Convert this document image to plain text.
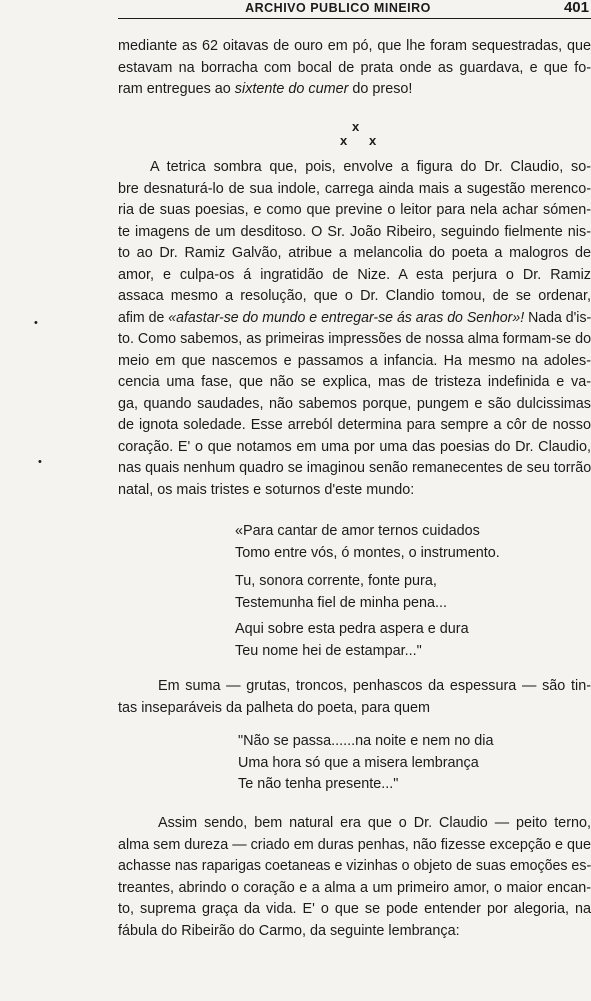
ARCHIVO PUBLICO MINEIRO	401
mediante as 62 oitavas de ouro em pó, que lhe foram sequestradas, que
estavam na borracha com bocal de prata onde as guardava, e que fo-
ram entregues ao sixtente do cumer do preso!
x
x x
•
•
A tetrica sombra que, pois, envolve a figura do Dr. Claudio, so-
bre desnaturá-lo de sua indole, carrega ainda mais a sugestão merenco-
ria de suas poesias, e como que previne o leitor para nela achar sómen-
te imagens de um desditoso. O Sr. João Ribeiro, seguindo fielmente nis-
to ao Dr. Ramiz Galvão, atribue a melancolia do poeta a malogros de
amor, e culpa-os á ingratidão de Nize. A esta perjura o Dr. Ramiz
assaca mesmo a resolução, que o Dr. Clandio tomou, de se ordenar,
afim de «afastar-se do mundo e entregar-se ás aras do Senhor»! Nada d'is-
to. Como sabemos, as primeiras impressões de nossa alma formam-se do
meio em que nascemos e passamos a infancia. Ha mesmo na adoles-
cencia uma fase, que não se explica, mas de tristeza indefinida e va-
ga, quando saudades, não sabemos porque, pungem e são dulcissimas
de ignota soledade. Esse arreból determina para sempre a côr de nosso
coração. E' o que notamos em uma por uma das poesias do Dr. Claudio,
nas quais nenhum quadro se imaginou senão remanecentes de seu torrão
natal, os mais tristes e soturnos d'este mundo:
«Para cantar de amor ternos cuidados
Tomo entre vós, ó montes, o instrumento.
Tu, sonora corrente, fonte pura,
Testemunha fiel de minha pena...
Aqui sobre esta pedra aspera e dura
Teu nome hei de estampar..."
Em suma — grutas, troncos, penhascos da espessura — são tin-
tas inseparáveis da palheta do poeta, para quem
"Não se passa......na noite e nem no dia
Uma hora só que a misera lembrança
Te não tenha presente..."
Assim sendo, bem natural era que o Dr. Claudio — peito terno,
alma sem dureza — criado em duras penhas, não fizesse excepção e que
achasse nas raparigas coetaneas e vizinhas o objeto de suas emoções es-
treantes, abrindo o coração e a alma a um primeiro amor, o maior encan-
to, suprema graça da vida. E' o que se pode entender por alegoria, na
fábula do Ribeirão do Carmo, da seguinte lembrança:
